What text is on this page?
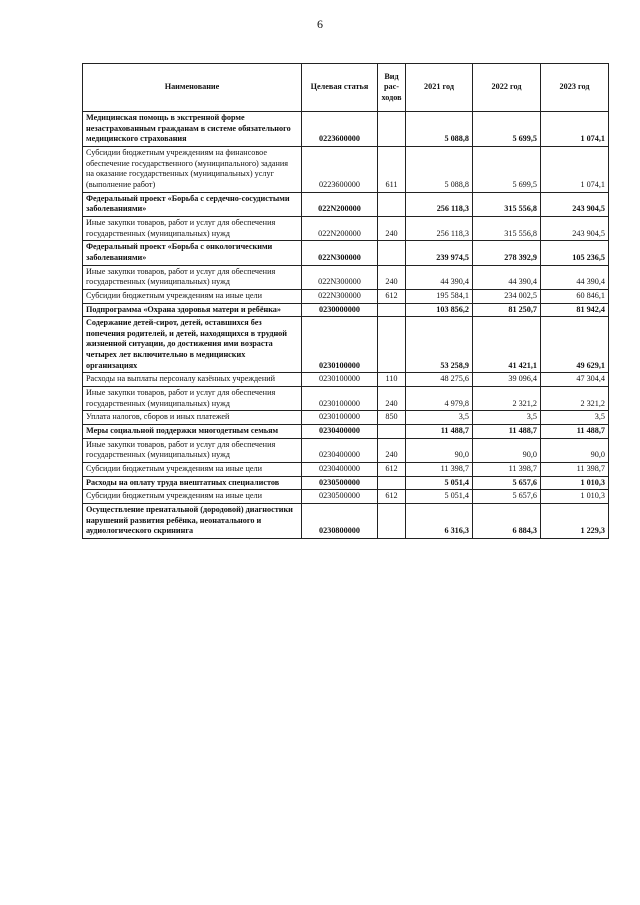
6
Наименование	Целевая статья	Вид рас-ходов	2021 год	2022 год	2023 год
Медицинская помощь в экстренной форме незастрахованным гражданам в системе обязательного медицинского страхования	0223600000		5 088,8	5 699,5	1 074,1
Субсидии бюджетным учреждениям на финансовое обеспечение государственного (муниципального) задания на оказание государственных (муниципальных) услуг (выполнение работ)	0223600000	611	5 088,8	5 699,5	1 074,1
Федеральный проект «Борьба с сердечно-сосудистыми заболеваниями»	022N200000		256 118,3	315 556,8	243 904,5
Иные закупки товаров, работ и услуг для обеспечения государственных (муниципальных) нужд	022N200000	240	256 118,3	315 556,8	243 904,5
Федеральный проект «Борьба с онкологическими заболеваниями»	022N300000		239 974,5	278 392,9	105 236,5
Иные закупки товаров, работ и услуг для обеспечения государственных (муниципальных) нужд	022N300000	240	44 390,4	44 390,4	44 390,4
Субсидии бюджетным учреждениям на иные цели	022N300000	612	195 584,1	234 002,5	60 846,1
Подпрограмма «Охрана здоровья матери и ребёнка»	0230000000		103 856,2	81 250,7	81 942,4
Содержание детей-сирот, детей, оставшихся без попечения родителей, и детей, находящихся в трудной жизненной ситуации, до достижения ими возраста четырех лет включительно в медицинских организациях	0230100000		53 258,9	41 421,1	49 629,1
Расходы на выплаты персоналу казённых учреждений	0230100000	110	48 275,6	39 096,4	47 304,4
Иные закупки товаров, работ и услуг для обеспечения государственных (муниципальных) нужд	0230100000	240	4 979,8	2 321,2	2 321,2
Уплата налогов, сборов и иных платежей	0230100000	850	3,5	3,5	3,5
Меры социальной поддержки многодетным семьям	0230400000		11 488,7	11 488,7	11 488,7
Иные закупки товаров, работ и услуг для обеспечения государственных (муниципальных) нужд	0230400000	240	90,0	90,0	90,0
Субсидии бюджетным учреждениям на иные цели	0230400000	612	11 398,7	11 398,7	11 398,7
Расходы на оплату труда внештатных специалистов	0230500000		5 051,4	5 657,6	1 010,3
Субсидии бюджетным учреждениям на иные цели	0230500000	612	5 051,4	5 657,6	1 010,3
Осуществление пренатальной (дородовой) диагностики нарушений развития ребёнка, неонатального и аудиологического скрининга	0230800000		6 316,3	6 884,3	1 229,3
